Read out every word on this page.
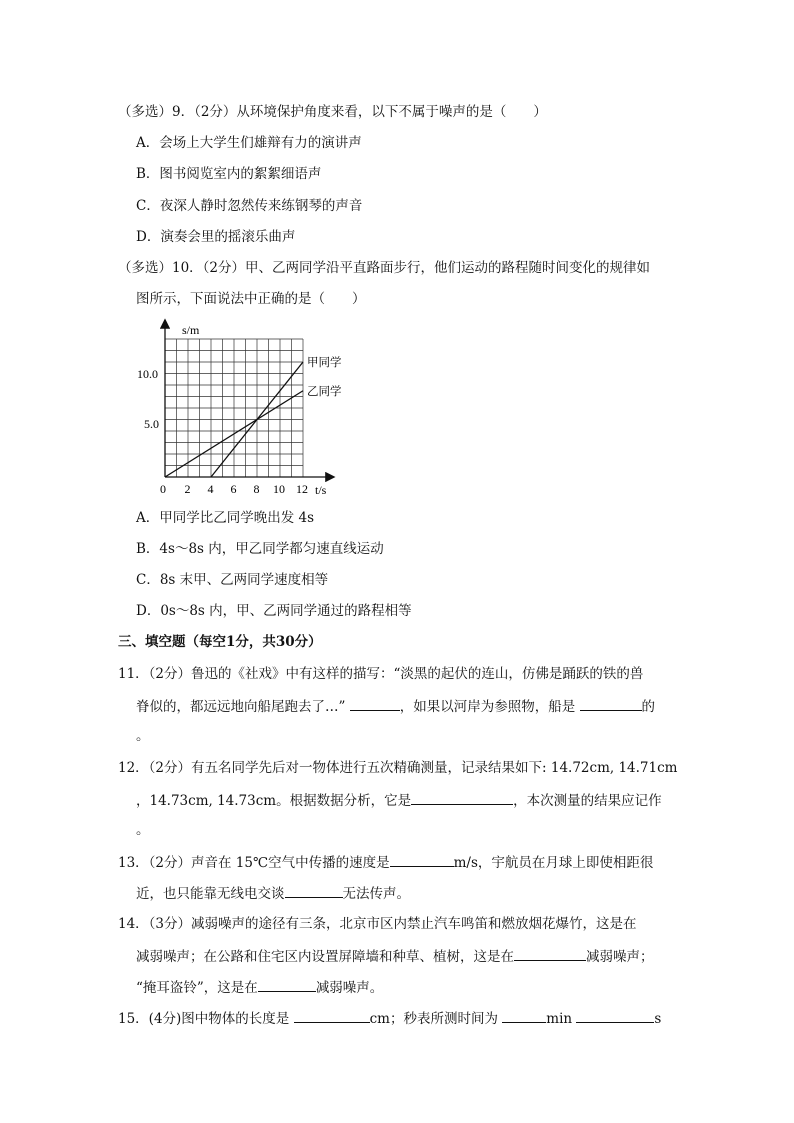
（多选）9．（2分）从环境保护角度来看，以下不属于噪声的是（　　）
A．会场上大学生们雄辩有力的演讲声
B．图书阅览室内的絮絮细语声
C．夜深人静时忽然传来练钢琴的声音
D．演奏会里的摇滚乐曲声
（多选）10．（2分）甲、乙两同学沿平直路面步行，他们运动的路程随时间变化的规律如
图所示，下面说法中正确的是（　　）
s/m
t/s
10.0
5.0
0 2 4 6 8 10 12
甲同学
乙同学
A．甲同学比乙同学晚出发 4s
B．4s～8s 内，甲乙同学都匀速直线运动
C．8s 末甲、乙两同学速度相等
D．0s～8s 内，甲、乙两同学通过的路程相等
三、填空题（每空1分，共30分）
11．（2分）鲁迅的《社戏》中有这样的描写：“淡黑的起伏的连山，仿佛是踊跃的铁的兽
脊似的，都远远地向船尾跑去了…”	，如果以河岸为参照物，船是	的
。
12．（2分）有五名同学先后对一物体进行五次精确测量，记录结果如下: 14.72cm, 14.71cm
，14.73cm, 14.73cm。根据数据分析，它是	，本次测量的结果应记作
。
13．（2分）声音在 15℃空气中传播的速度是	m/s，宇航员在月球上即使相距很
近，也只能靠无线电交谈	无法传声。
14．（3分）减弱噪声的途径有三条，北京市区内禁止汽车鸣笛和燃放烟花爆竹，这是在
减弱噪声；在公路和住宅区内设置屏障墙和种草、植树，这是在	减弱噪声；
“掩耳盗铃”，这是在	减弱噪声。
15．(4分)图中物体的长度是	cm；秒表所测时间为	min	s
